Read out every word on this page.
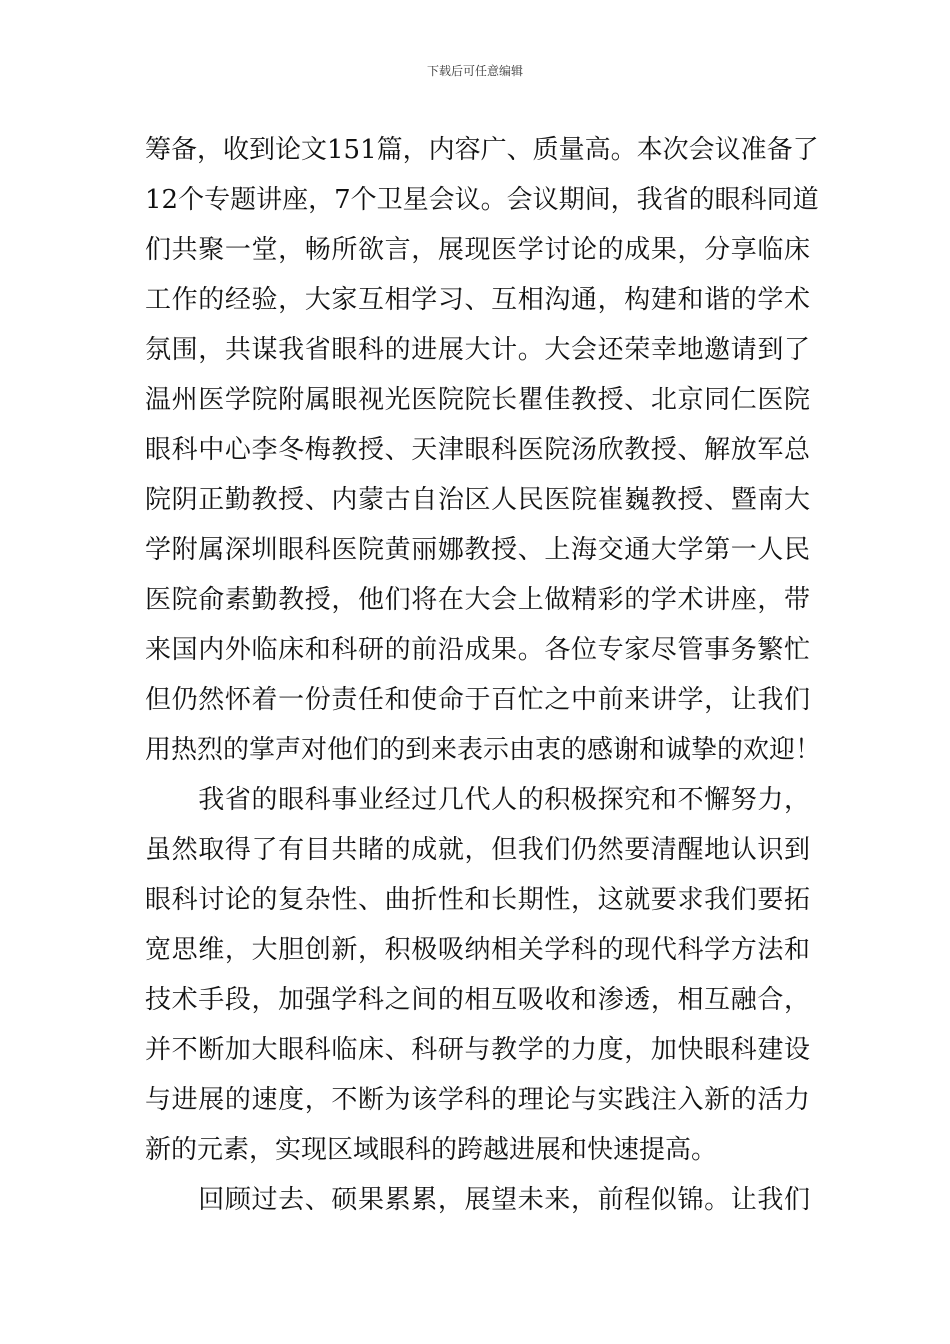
下载后可任意编辑
筹备，收到论文151篇，内容广、质量高。本次会议准备了
12个专题讲座，7个卫星会议。会议期间，我省的眼科同道
们共聚一堂，畅所欲言，展现医学讨论的成果，分享临床
工作的经验，大家互相学习、互相沟通，构建和谐的学术
氛围，共谋我省眼科的进展大计。大会还荣幸地邀请到了
温州医学院附属眼视光医院院长瞿佳教授、北京同仁医院
眼科中心李冬梅教授、天津眼科医院汤欣教授、解放军总
院阴正勤教授、内蒙古自治区人民医院崔巍教授、暨南大
学附属深圳眼科医院黄丽娜教授、上海交通大学第一人民
医院俞素勤教授，他们将在大会上做精彩的学术讲座，带
来国内外临床和科研的前沿成果。各位专家尽管事务繁忙
但仍然怀着一份责任和使命于百忙之中前来讲学，让我们
用热烈的掌声对他们的到来表示由衷的感谢和诚挚的欢迎！
　　我省的眼科事业经过几代人的积极探究和不懈努力，
虽然取得了有目共睹的成就，但我们仍然要清醒地认识到
眼科讨论的复杂性、曲折性和长期性，这就要求我们要拓
宽思维，大胆创新，积极吸纳相关学科的现代科学方法和
技术手段，加强学科之间的相互吸收和渗透，相互融合，
并不断加大眼科临床、科研与教学的力度，加快眼科建设
与进展的速度，不断为该学科的理论与实践注入新的活力
新的元素，实现区域眼科的跨越进展和快速提高。
　　回顾过去、硕果累累，展望未来，前程似锦。让我们
